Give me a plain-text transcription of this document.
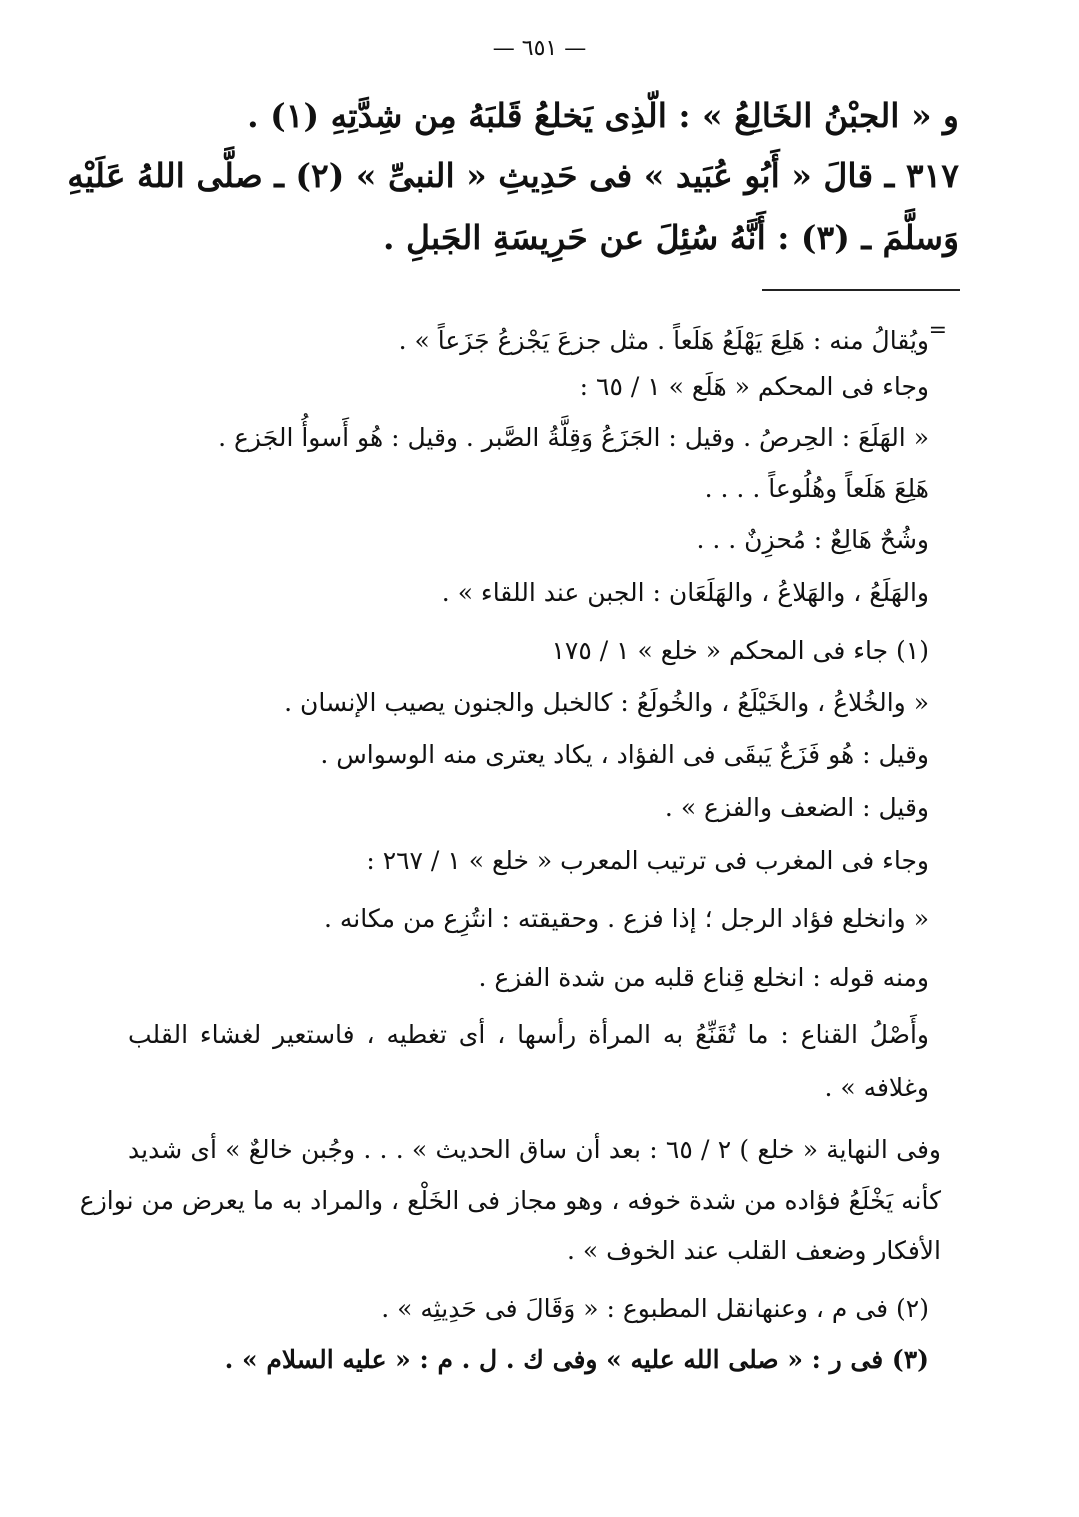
— ٦٥١ —
و « الجبْنُ الخَالِعُ » : الّذِى يَخلعُ قَلبَهُ مِن شِدَّتِهِ (١) .
٣١٧ ـ قالَ « أَبُو عُبَيد » فى حَدِيثِ « النبىِّ » (٢) ـ صلَّى اللهُ عَلَيْهِ
وَسلَّمَ ـ (٣) : أَنَّهُ سُئِلَ عن حَرِيسَةِ الجَبلِ .
=
ويُقالُ منه : هَلِعَ يَهْلَعُ هَلَعاً . مثل جزعَ يَجْزعُ جَزَعاً » .
وجاء فى المحكم « هَلَع » ١ / ٦٥ :
« الهَلَعَ : الحِرصُ . وقيل : الجَزَعُ وَقِلَّةُ الصَّبر . وقيل : هُو أَسوأُ الجَزع .
هَلِعَ هَلَعاً وهُلُوعاً . . . .
وشُحٌ هَالِعٌ : مُحزِنٌ . . .
والهَلَعُ ، والهَلاعُ ، والهَلَعَان : الجبن عند اللقاء » .
(١) جاء فى المحكم « خلع » ١ / ١٧٥
« والخُلاعُ ، والخَيْلَعُ ، والخُولَعُ : كالخبل والجنون يصيب الإنسان .
وقيل : هُو فَزَعٌ يَبقَى فى الفؤاد ، يكاد يعترى منه الوسواس .
وقيل : الضعف والفزع » .
وجاء فى المغرب فى ترتيب المعرب « خلع » ١ / ٢٦٧ :
« وانخلع فؤاد الرجل ؛ إذا فزع . وحقيقته : انتُزِع من مكانه .
ومنه قوله : انخلع قِناع قلبه من شدة الفزع .
وأَصْلُ القناع : ما تُقَنِّعُ به المرأة رأسها ، أى تغطيه ، فاستعير لغشاء القلب
وغلافه » .
وفى النهاية « خلع ) ٢ / ٦٥ : بعد أن ساق الحديث » . . . وجُبن خالعٌ » أى شديد
كأنه يَخْلَعُ فؤاده من شدة خوفه ، وهو مجاز فى الخَلْع ، والمراد به ما يعرض من نوازع
الأفكار وضعف القلب عند الخوف » .
(٢) فى م ، وعنهانقل المطبوع : « وَقَالَ فى حَدِيثِه » .
(٣) فى ر : « صلى الله عليه » وفى ك . ل . م : « عليه السلام » .
